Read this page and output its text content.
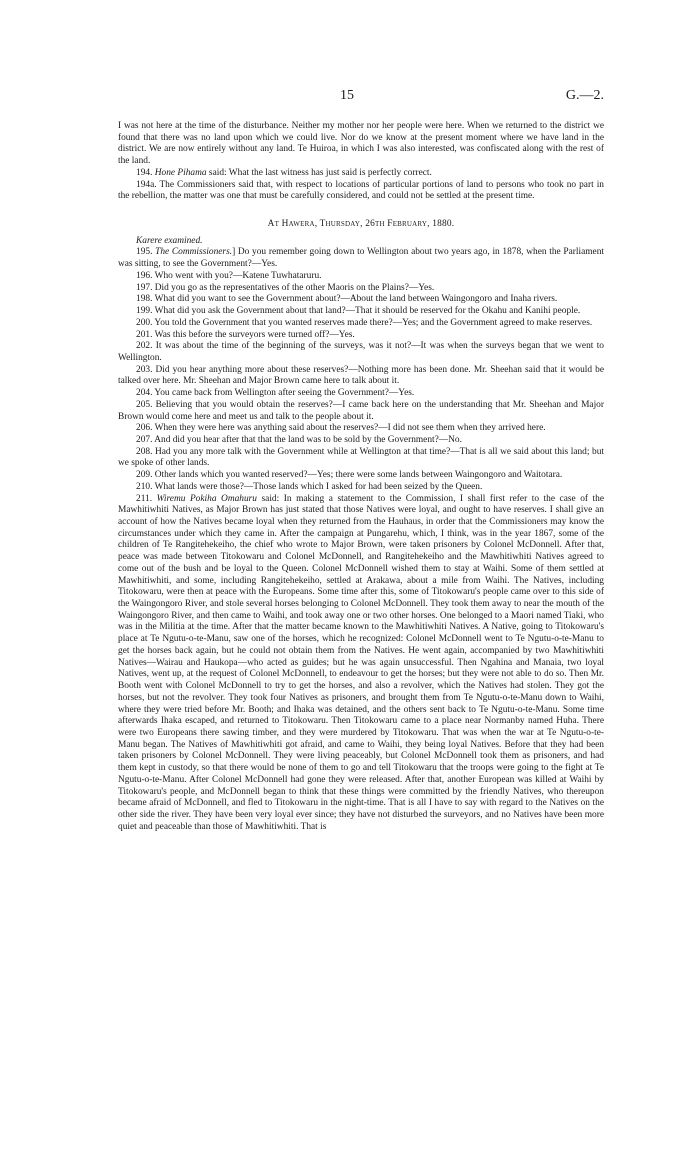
15	G.—2.

I was not here at the time of the disturbance. Neither my mother nor her people were here. When we returned to the district we found that there was no land upon which we could live. Nor do we know at the present moment where we have land in the district. We are now entirely without any land. Te Huiroa, in which I was also interested, was confiscated along with the rest of the land.

194. Hone Pihama said: What the last witness has just said is perfectly correct.

194a. The Commissioners said that, with respect to locations of particular portions of land to persons who took no part in the rebellion, the matter was one that must be carefully considered, and could not be settled at the present time.

At Hawera, Thursday, 26th February, 1880.

Karere examined.

195. The Commissioners.] Do you remember going down to Wellington about two years ago, in 1878, when the Parliament was sitting, to see the Government?—Yes.

196. Who went with you?—Katene Tuwhataruru.

197. Did you go as the representatives of the other Maoris on the Plains?—Yes.

198. What did you want to see the Government about?—About the land between Waingongoro and Inaha rivers.

199. What did you ask the Government about that land?—That it should be reserved for the Okahu and Kanihi people.

200. You told the Government that you wanted reserves made there?—Yes; and the Government agreed to make reserves.

201. Was this before the surveyors were turned off?—Yes.

202. It was about the time of the beginning of the surveys, was it not?—It was when the surveys began that we went to Wellington.

203. Did you hear anything more about these reserves?—Nothing more has been done. Mr. Sheehan said that it would be talked over here. Mr. Sheehan and Major Brown came here to talk about it.

204. You came back from Wellington after seeing the Government?—Yes.

205. Believing that you would obtain the reserves?—I came back here on the understanding that Mr. Sheehan and Major Brown would come here and meet us and talk to the people about it.

206. When they were here was anything said about the reserves?—I did not see them when they arrived here.

207. And did you hear after that that the land was to be sold by the Government?—No.

208. Had you any more talk with the Government while at Wellington at that time?—That is all we said about this land; but we spoke of other lands.

209. Other lands which you wanted reserved?—Yes; there were some lands between Waingongoro and Waitotara.

210. What lands were those?—Those lands which I asked for had been seized by the Queen.

211. Wiremu Pokiha Omahuru said: In making a statement to the Commission, I shall first refer to the case of the Mawhitiwhiti Natives, as Major Brown has just stated that those Natives were loyal, and ought to have reserves. I shall give an account of how the Natives became loyal when they returned from the Hauhaus, in order that the Commissioners may know the circumstances under which they came in. After the campaign at Pungarehu, which, I think, was in the year 1867, some of the children of Te Rangitehekeiho, the chief who wrote to Major Brown, were taken prisoners by Colonel McDonnell. After that, peace was made between Titokowaru and Colonel McDonnell, and Rangitehekeiho and the Mawhitiwhiti Natives agreed to come out of the bush and be loyal to the Queen. Colonel McDonnell wished them to stay at Waihi. Some of them settled at Mawhitiwhiti, and some, including Rangitehekeiho, settled at Arakawa, about a mile from Waihi. The Natives, including Titokowaru, were then at peace with the Europeans. Some time after this, some of Titokowaru's people came over to this side of the Waingongoro River, and stole several horses belonging to Colonel McDonnell. They took them away to near the mouth of the Waingongoro River, and then came to Waihi, and took away one or two other horses. One belonged to a Maori named Tiaki, who was in the Militia at the time. After that the matter became known to the Mawhitiwhiti Natives. A Native, going to Titokowaru's place at Te Ngutu-o-te-Manu, saw one of the horses, which he recognized: Colonel McDonnell went to Te Ngutu-o-te-Manu to get the horses back again, but he could not obtain them from the Natives. He went again, accompanied by two Mawhitiwhiti Natives—Wairau and Haukopa—who acted as guides; but he was again unsuccessful. Then Ngahina and Manaia, two loyal Natives, went up, at the request of Colonel McDonnell, to endeavour to get the horses; but they were not able to do so. Then Mr. Booth went with Colonel McDonnell to try to get the horses, and also a revolver, which the Natives had stolen. They got the horses, but not the revolver. They took four Natives as prisoners, and brought them from Te Ngutu-o-te-Manu down to Waihi, where they were tried before Mr. Booth; and Ihaka was detained, and the others sent back to Te Ngutu-o-te-Manu. Some time afterwards Ihaka escaped, and returned to Titokowaru. Then Titokowaru came to a place near Normanby named Huha. There were two Europeans there sawing timber, and they were murdered by Titokowaru. That was when the war at Te Ngutu-o-te-Manu began. The Natives of Mawhitiwhiti got afraid, and came to Waihi, they being loyal Natives. Before that they had been taken prisoners by Colonel McDonnell. They were living peaceably, but Colonel McDonnell took them as prisoners, and had them kept in custody, so that there would be none of them to go and tell Titokowaru that the troops were going to the fight at Te Ngutu-o-te-Manu. After Colonel McDonnell had gone they were released. After that, another European was killed at Waihi by Titokowaru's people, and McDonnell began to think that these things were committed by the friendly Natives, who thereupon became afraid of McDonnell, and fled to Titokowaru in the night-time. That is all I have to say with regard to the Natives on the other side the river. They have been very loyal ever since; they have not disturbed the surveyors, and no Natives have been more quiet and peaceable than those of Mawhitiwhiti. That is
